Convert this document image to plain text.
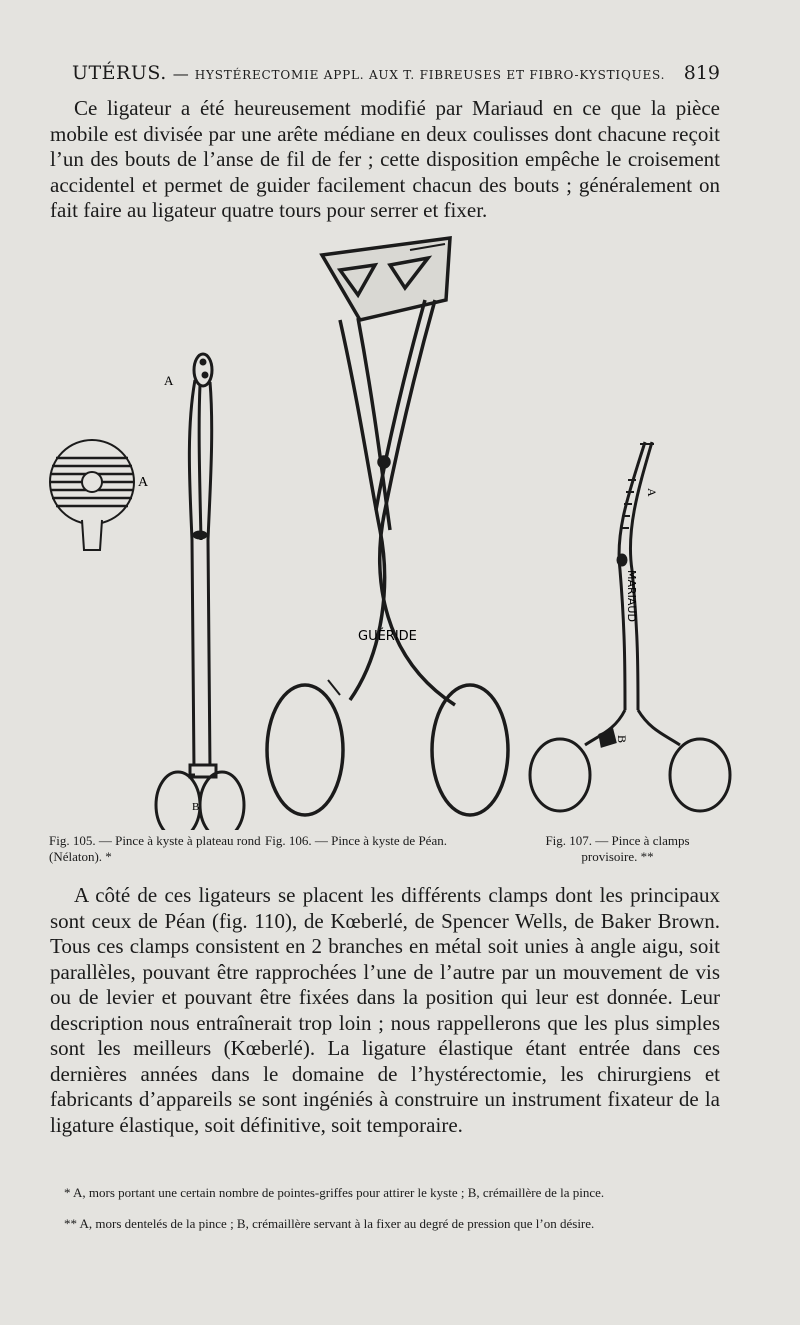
UTÉRUS. — HYSTÉRECTOMIE APPL. AUX T. FIBREUSES ET FIBRO-KYSTIQUES. 819

Ce ligateur a été heureusement modifié par Mariaud en ce que la pièce mobile est divisée par une arête médiane en deux coulisses dont chacune reçoit l’un des bouts de l’anse de fil de fer ; cette disposition empêche le croisement accidentel et permet de guider facilement chacun des bouts ; généralement on fait faire au ligateur quatre tours pour serrer et fixer.

A
A
B
GUÉRIDE
MARIAUD
A
B
Fig. 105. — Pince à kyste à plateau rond (Nélaton). *
Fig. 106. — Pince à kyste de Péan.	Fig. 107. — Pince à clamps provisoire. **

A côté de ces ligateurs se placent les différents clamps dont les principaux sont ceux de Péan (fig. 110), de Kœberlé, de Spencer Wells, de Baker Brown. Tous ces clamps consistent en 2 branches en métal soit unies à angle aigu, soit parallèles, pouvant être rapprochées l’une de l’autre par un mouvement de vis ou de levier et pouvant être fixées dans la position qui leur est donnée. Leur description nous entraînerait trop loin ; nous rappellerons que les plus simples sont les meilleurs (Kœberlé). La ligature élastique étant entrée dans ces dernières années dans le domaine de l’hystérectomie, les chirurgiens et fabricants d’appareils se sont ingéniés à construire un instrument fixateur de la ligature élastique, soit définitive, soit temporaire.

* A, mors portant une certain nombre de pointes-griffes pour attirer le kyste ; B, crémaillère de la pince.

** A, mors dentelés de la pince ; B, crémaillère servant à la fixer au degré de pression que l’on désire.
